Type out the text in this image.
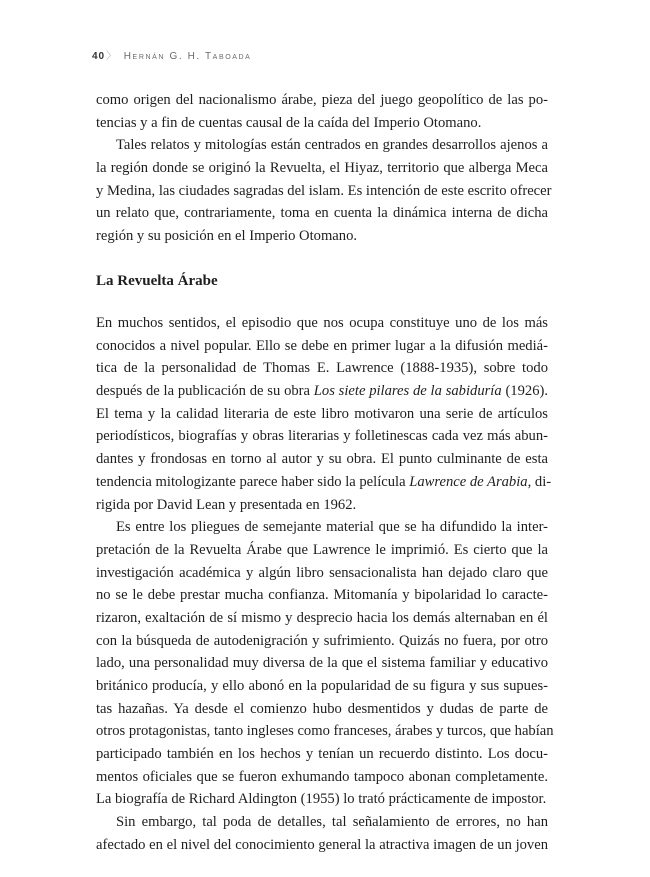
40〉 Hernán G. H. Taboada
como origen del nacionalismo árabe, pieza del juego geopolítico de las po-
tencias y a fin de cuentas causal de la caída del Imperio Otomano.
Tales relatos y mitologías están centrados en grandes desarrollos ajenos a
la región donde se originó la Revuelta, el Hiyaz, territorio que alberga Meca
y Medina, las ciudades sagradas del islam. Es intención de este escrito ofrecer
un relato que, contrariamente, toma en cuenta la dinámica interna de dicha
región y su posición en el Imperio Otomano.
La Revuelta Árabe
En muchos sentidos, el episodio que nos ocupa constituye uno de los más
conocidos a nivel popular. Ello se debe en primer lugar a la difusión mediá-
tica de la personalidad de Thomas E. Lawrence (1888-1935), sobre todo
después de la publicación de su obra Los siete pilares de la sabiduría (1926).
El tema y la calidad literaria de este libro motivaron una serie de artículos
periodísticos, biografías y obras literarias y folletinescas cada vez más abun-
dantes y frondosas en torno al autor y su obra. El punto culminante de esta
tendencia mitologizante parece haber sido la película Lawrence de Arabia, di-
rigida por David Lean y presentada en 1962.
Es entre los pliegues de semejante material que se ha difundido la inter-
pretación de la Revuelta Árabe que Lawrence le imprimió. Es cierto que la
investigación académica y algún libro sensacionalista han dejado claro que
no se le debe prestar mucha confianza. Mitomanía y bipolaridad lo caracte-
rizaron, exaltación de sí mismo y desprecio hacia los demás alternaban en él
con la búsqueda de autodenigración y sufrimiento. Quizás no fuera, por otro
lado, una personalidad muy diversa de la que el sistema familiar y educativo
británico producía, y ello abonó en la popularidad de su figura y sus supues-
tas hazañas. Ya desde el comienzo hubo desmentidos y dudas de parte de
otros protagonistas, tanto ingleses como franceses, árabes y turcos, que habían
participado también en los hechos y tenían un recuerdo distinto. Los docu-
mentos oficiales que se fueron exhumando tampoco abonan completamente.
La biografía de Richard Aldington (1955) lo trató prácticamente de impostor.
Sin embargo, tal poda de detalles, tal señalamiento de errores, no han
afectado en el nivel del conocimiento general la atractiva imagen de un joven
